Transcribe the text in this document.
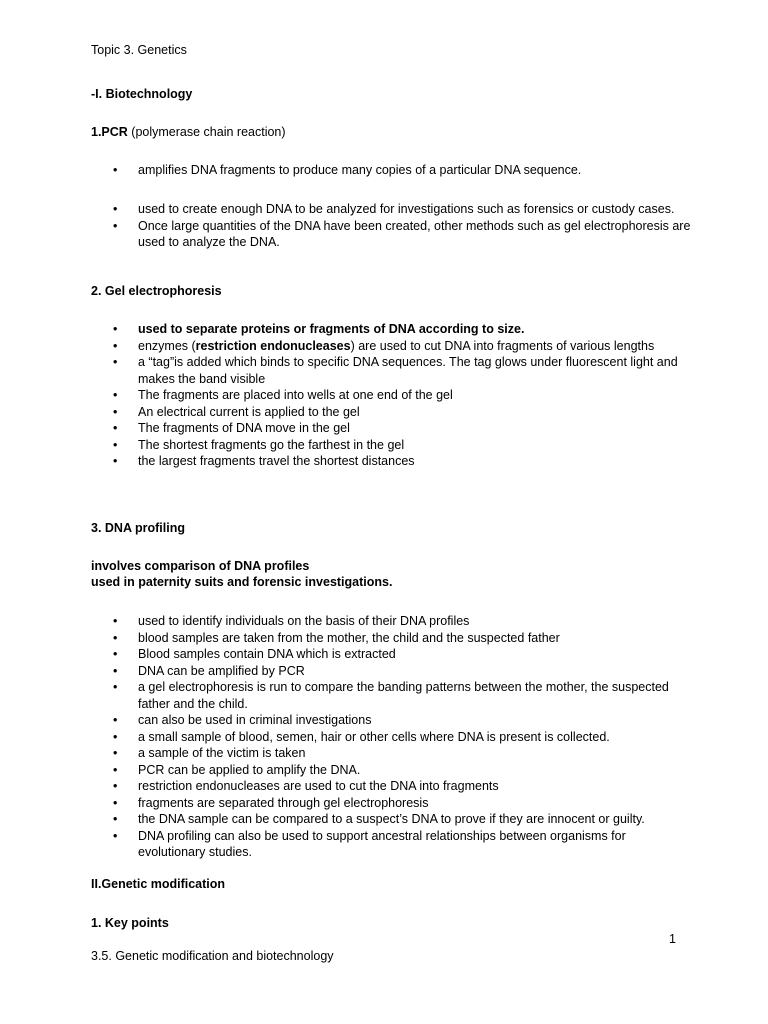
Topic 3. Genetics
-I. Biotechnology
1.PCR (polymerase chain reaction)
• amplifies DNA fragments to produce many copies of a particular DNA sequence.
• used to create enough DNA to be analyzed for investigations such as forensics or custody cases.
• Once large quantities of the DNA have been created, other methods such as gel electrophoresis are used to analyze the DNA.
2. Gel electrophoresis
• used to separate proteins or fragments of DNA according to size.
• enzymes (restriction endonucleases) are used to cut DNA into fragments of various lengths
• a “tag”is added which binds to specific DNA sequences. The tag glows under fluorescent light and makes the band visible
• The fragments are placed into wells at one end of the gel
• An electrical current is applied to the gel
• The fragments of DNA move in the gel
• The shortest fragments go the farthest in the gel
• the largest fragments travel the shortest distances
3. DNA profiling
involves comparison of DNA profiles
used in paternity suits and forensic investigations.
• used to identify individuals on the basis of their DNA profiles
• blood samples are taken from the mother, the child and the suspected father
• Blood samples contain DNA which is extracted
• DNA can be amplified by PCR
• a gel electrophoresis is run to compare the banding patterns between the mother, the suspected father and the child.
• can also be used in criminal investigations
• a small sample of blood, semen, hair or other cells where DNA is present is collected.
• a sample of the victim is taken
• PCR can be applied to amplify the DNA.
• restriction endonucleases are used to cut the DNA into fragments
• fragments are separated through gel electrophoresis
• the DNA sample can be compared to a suspect’s DNA to prove if they are innocent or guilty.
• DNA profiling can also be used to support ancestral relationships between organisms for evolutionary studies.
II.Genetic modification
1. Key points
1
3.5. Genetic modification and biotechnology
